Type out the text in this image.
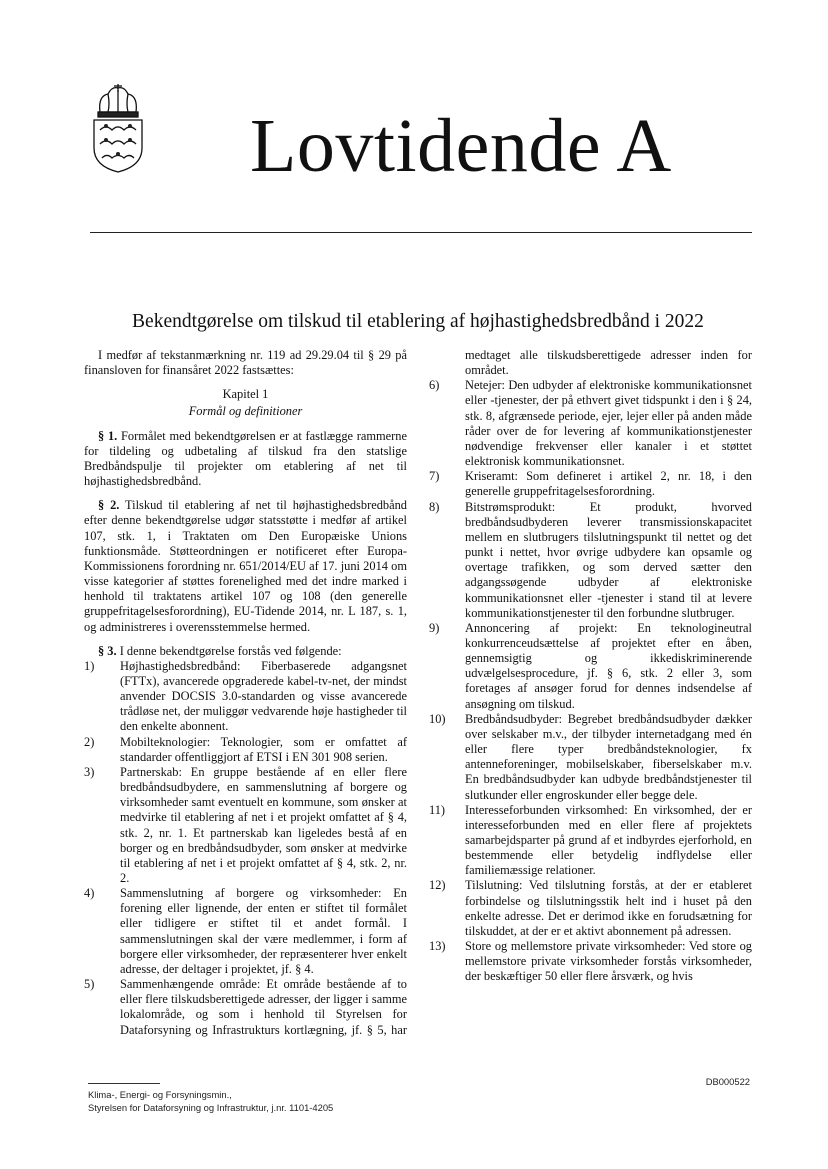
Lovtidende A
Bekendtgørelse om tilskud til etablering af højhastighedsbredbånd i 2022

I medfør af tekstanmærkning nr. 119 ad 29.29.04 til § 29 på finansloven for finansåret 2022 fastsættes:

Kapitel 1
Formål og definitioner

§ 1. Formålet med bekendtgørelsen er at fastlægge rammerne for tildeling og udbetaling af tilskud fra den statslige Bredbåndspulje til projekter om etablering af net til højhastighedsbredbånd.

§ 2. Tilskud til etablering af net til højhastighedsbredbånd efter denne bekendtgørelse udgør statsstøtte i medfør af artikel 107, stk. 1, i Traktaten om Den Europæiske Unions funktionsmåde. Støtteordningen er notificeret efter Europa-Kommissionens forordning nr. 651/2014/EU af 17. juni 2014 om visse kategorier af støttes forenelighed med det indre marked i henhold til traktatens artikel 107 og 108 (den generelle gruppefritagelsesforordning), EU-Tidende 2014, nr. L 187, s. 1, og administreres i overensstemmelse hermed.

§ 3. I denne bekendtgørelse forstås ved følgende:

1)	Højhastighedsbredbånd: Fiberbaserede adgangsnet (FTTx), avancerede opgraderede kabel-tv-net, der mindst anvender DOCSIS 3.0-standarden og visse avancerede trådløse net, der muliggør vedvarende høje hastigheder til den enkelte abonnent.
2)	Mobilteknologier: Teknologier, som er omfattet af standarder offentliggjort af ETSI i EN 301 908 serien.
3)	Partnerskab: En gruppe bestående af en eller flere bredbåndsudbydere, en sammenslutning af borgere og virksomheder samt eventuelt en kommune, som ønsker at medvirke til etablering af net i et projekt omfattet af § 4, stk. 2, nr. 1. Et partnerskab kan ligeledes bestå af en borger og en bredbåndsudbyder, som ønsker at medvirke til etablering af net i et projekt omfattet af § 4, stk. 2, nr. 2.
4)	Sammenslutning af borgere og virksomheder: En forening eller lignende, der enten er stiftet til formålet eller tidligere er stiftet til et andet formål. I sammenslutningen skal der være medlemmer, i form af borgere eller virksomheder, der repræsenterer hver enkelt adresse, der deltager i projektet, jf. § 4.
5)	Sammenhængende område: Et område bestående af to eller flere tilskudsberettigede adresser, der ligger i samme lokalområde, og som i henhold til Styrelsen for Dataforsyning og Infrastrukturs kortlægning, jf. § 5, har medtaget alle tilskudsberettigede adresser inden for området.
6)	Netejer: Den udbyder af elektroniske kommunikationsnet eller -tjenester, der på ethvert givet tidspunkt i den i § 24, stk. 8, afgrænsede periode, ejer, lejer eller på anden måde råder over de for levering af kommunikationstjenester nødvendige frekvenser eller kanaler i et støttet elektronisk kommunikationsnet.
7)	Kriseramt: Som defineret i artikel 2, nr. 18, i den generelle gruppefritagelsesforordning.
8)	Bitstrømsprodukt: Et produkt, hvorved bredbåndsudbyderen leverer transmissionskapacitet mellem en slutbrugers tilslutningspunkt til nettet og det punkt i nettet, hvor øvrige udbydere kan opsamle og overtage trafikken, og som derved sætter den adgangssøgende udbyder af elektroniske kommunikationsnet eller -tjenester i stand til at levere kommunikationstjenester til den forbundne slutbruger.
9)	Annoncering af projekt: En teknologineutral konkurrenceudsættelse af projektet efter en åben, gennemsigtig og ikkediskriminerende udvælgelsesprocedure, jf. § 6, stk. 2 eller 3, som foretages af ansøger forud for dennes indsendelse af ansøgning om tilskud.
10)	Bredbåndsudbyder: Begrebet bredbåndsudbyder dækker over selskaber m.v., der tilbyder internetadgang med én eller flere typer bredbåndsteknologier, fx antenneforeninger, mobilselskaber, fiberselskaber m.v. En bredbåndsudbyder kan udbyde bredbåndstjenester til slutkunder eller engroskunder eller begge dele.
11)	Interesseforbunden virksomhed: En virksomhed, der er interesseforbunden med en eller flere af projektets samarbejdsparter på grund af et indbyrdes ejerforhold, en bestemmende eller betydelig indflydelse eller familiemæssige relationer.
12)	Tilslutning: Ved tilslutning forstås, at der er etableret forbindelse og tilslutningsstik helt ind i huset på den enkelte adresse. Det er derimod ikke en forudsætning for tilskuddet, at der er et aktivt abonnement på adressen.
13)	Store og mellemstore private virksomheder: Ved store og mellemstore private virksomheder forstås virksomheder, der beskæftiger 50 eller flere årsværk, og hvis
Klima-, Energi- og Forsyningsmin.,
Styrelsen for Dataforsyning og Infrastruktur, j.nr. 1101-4205
DB000522
